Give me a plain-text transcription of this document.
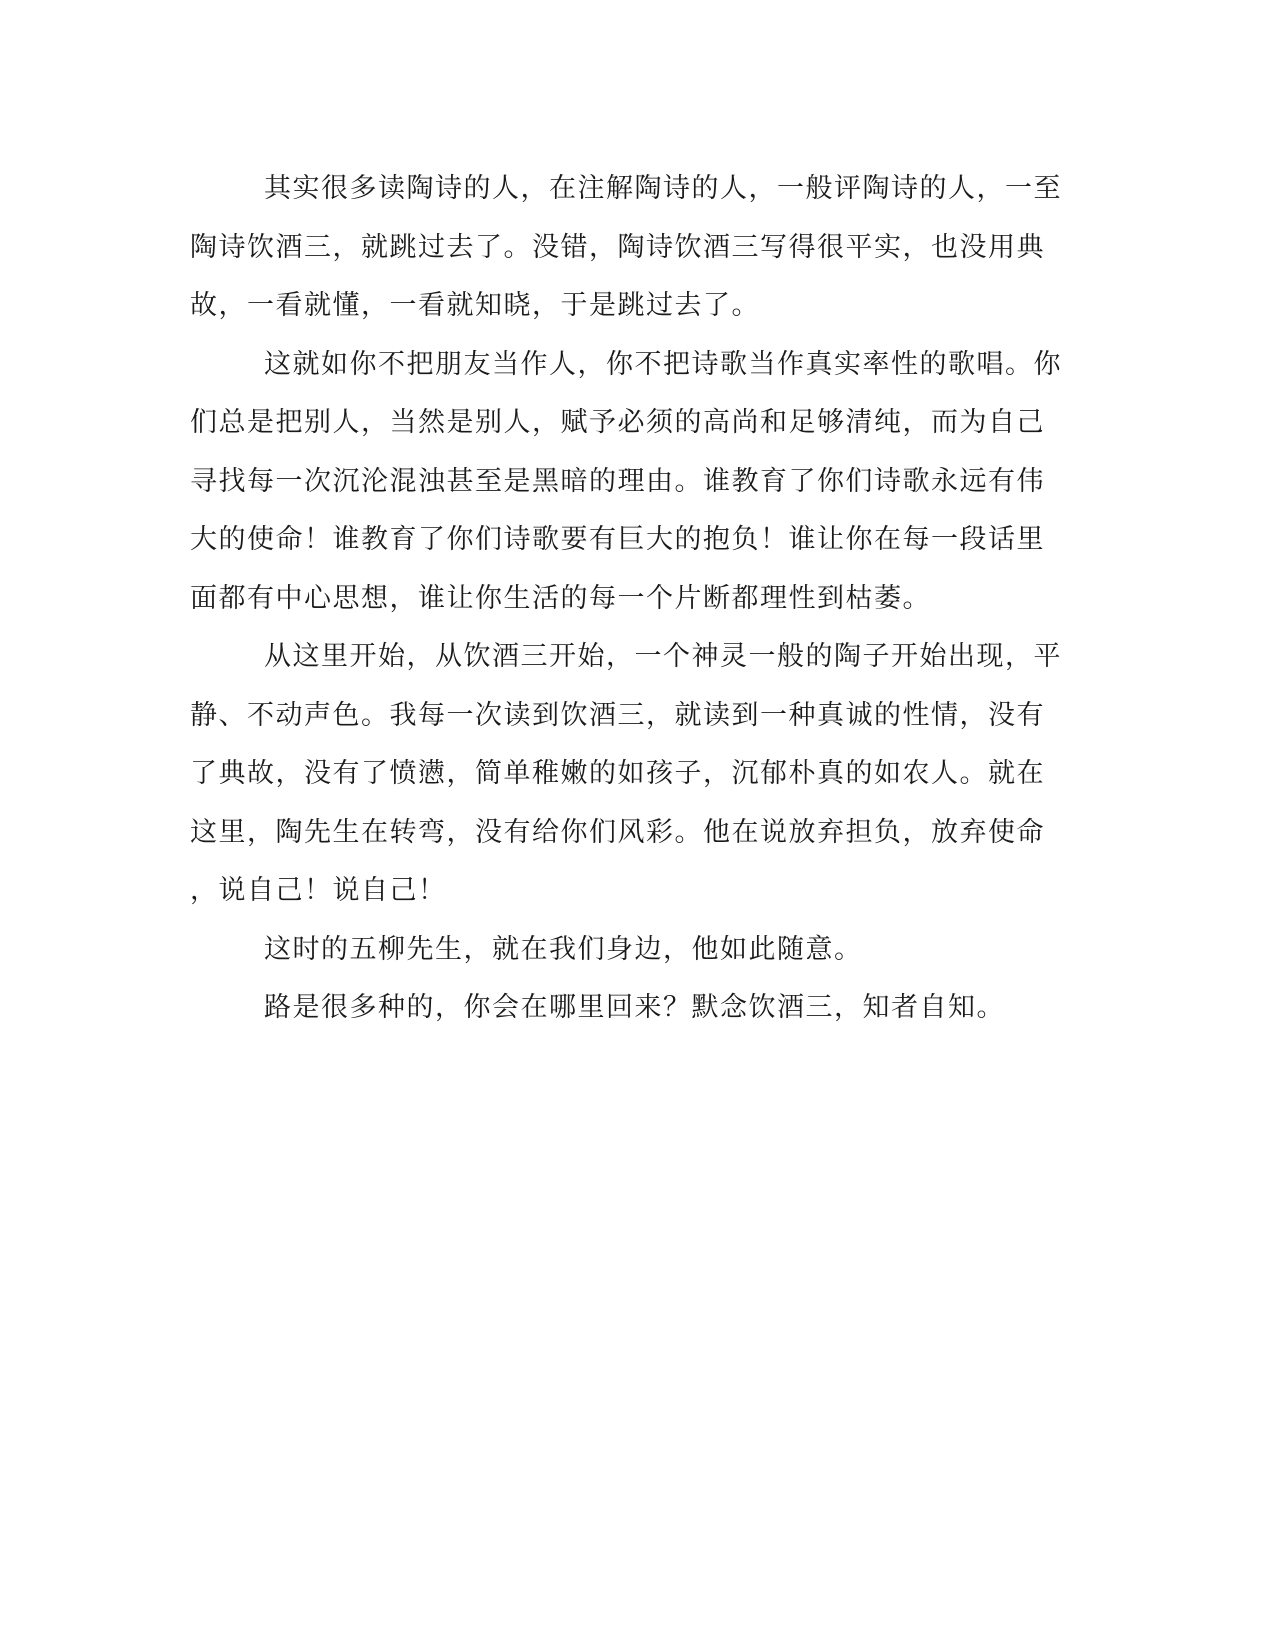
其实很多读陶诗的人，在注解陶诗的人，一般评陶诗的人，一至
陶诗饮酒三，就跳过去了。没错，陶诗饮酒三写得很平实，也没用典
故，一看就懂，一看就知晓，于是跳过去了。
这就如你不把朋友当作人，你不把诗歌当作真实率性的歌唱。你
们总是把别人，当然是别人，赋予必须的高尚和足够清纯，而为自己
寻找每一次沉沦混浊甚至是黑暗的理由。谁教育了你们诗歌永远有伟
大的使命！谁教育了你们诗歌要有巨大的抱负！谁让你在每一段话里
面都有中心思想，谁让你生活的每一个片断都理性到枯萎。
从这里开始，从饮酒三开始，一个神灵一般的陶子开始出现，平
静、不动声色。我每一次读到饮酒三，就读到一种真诚的性情，没有
了典故，没有了愤懑，简单稚嫩的如孩子，沉郁朴真的如农人。就在
这里，陶先生在转弯，没有给你们风彩。他在说放弃担负，放弃使命
，说自己！说自己！
这时的五柳先生，就在我们身边，他如此随意。
路是很多种的，你会在哪里回来？默念饮酒三，知者自知。
